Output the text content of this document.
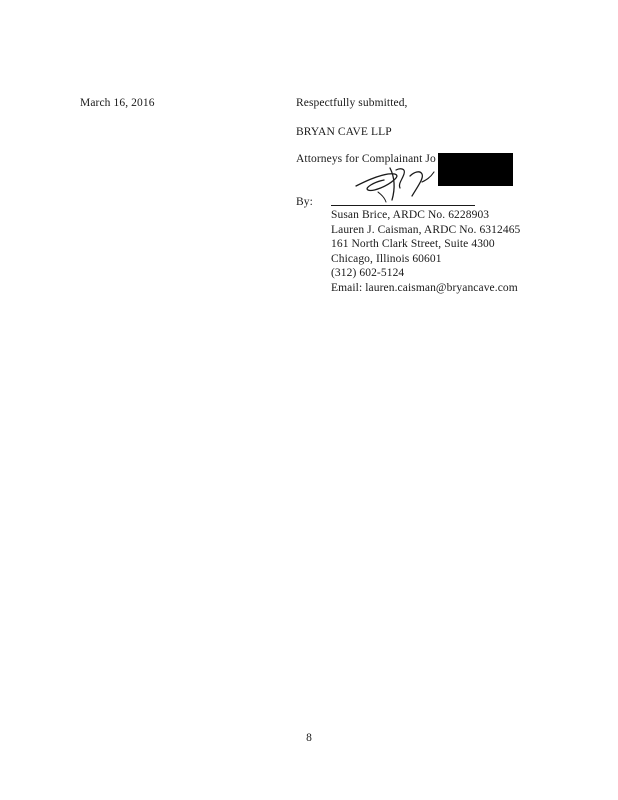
March 16, 2016	Respectfully submitted,
BRYAN CAVE LLP
Attorneys for Complainant Jo
By:
Susan Brice, ARDC No. 6228903
Lauren J. Caisman, ARDC No. 6312465
161 North Clark Street, Suite 4300
Chicago, Illinois 60601
(312) 602-5124
Email: lauren.caisman@bryancave.com
8
